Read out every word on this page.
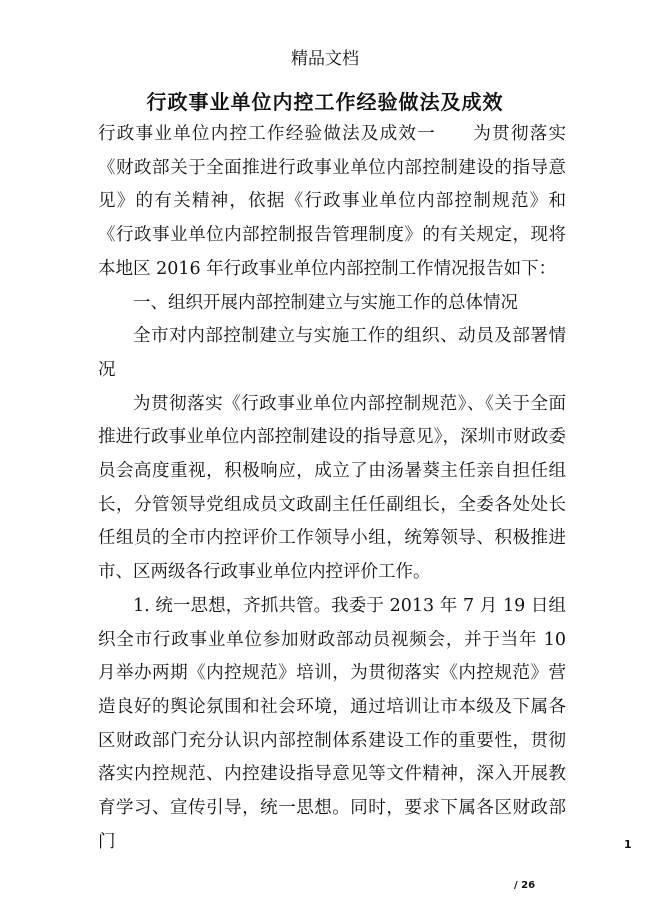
精品文档
行政事业单位内控工作经验做法及成效

行政事业单位内控工作经验做法及成效一 为贯彻落实《财政部关于全面推进行政事业单位内部控制建设的指导意见》的有关精神，依据《行政事业单位内部控制规范》和《行政事业单位内部控制报告管理制度》的有关规定，现将本地区 2016 年行政事业单位内部控制工作情况报告如下：

一、组织开展内部控制建立与实施工作的总体情况

全市对内部控制建立与实施工作的组织、动员及部署情况

为贯彻落实《行政事业单位内部控制规范》、《关于全面推进行政事业单位内部控制建设的指导意见》，深圳市财政委员会高度重视，积极响应，成立了由汤暑葵主任亲自担任组长，分管领导党组成员文政副主任任副组长，全委各处处长任组员的全市内控评价工作领导小组，统筹领导、积极推进市、区两级各行政事业单位内控评价工作。

1. 统一思想，齐抓共管。我委于 2013 年 7 月 19 日组织全市行政事业单位参加财政部动员视频会，并于当年 10 月举办两期《内控规范》培训，为贯彻落实《内控规范》营造良好的舆论氛围和社会环境，通过培训让市本级及下属各区财政部门充分认识内部控制体系建设工作的重要性，贯彻落实内控规范、内控建设指导意见等文件精神，深入开展教育学习、宣传引导，统一思想。同时，要求下属各区财政部门	1
/ 26
